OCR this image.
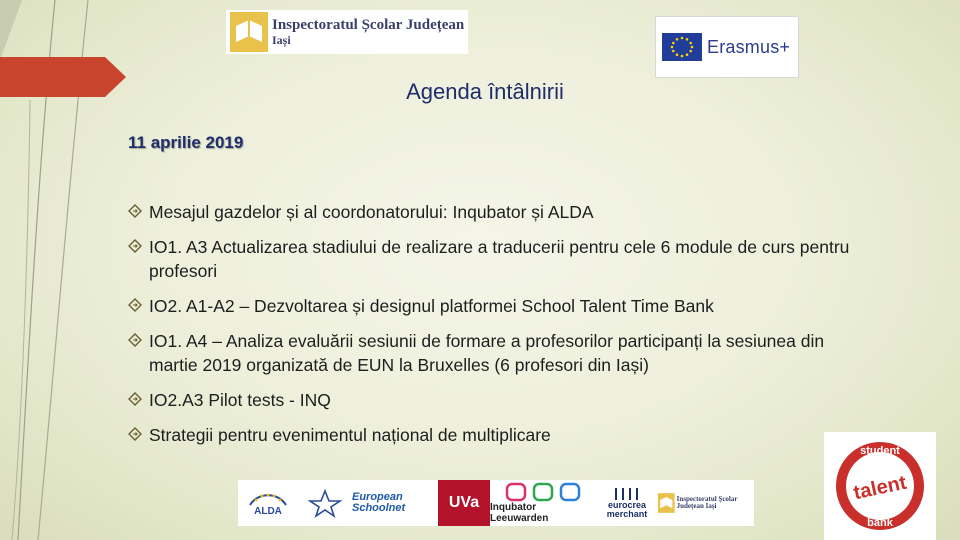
Inspectoratul Școlar Județean
Iași	Erasmus+
Agenda întâlnirii
11 aprilie 2019
Mesajul gazdelor și al coordonatorului: Inqubator și ALDA
IO1. A3 Actualizarea stadiului de realizare a traducerii pentru cele 6 module de curs pentru profesori
IO2. A1-A2 – Dezvoltarea și designul platformei School Talent Time Bank
IO1. A4 – Analiza evaluării sesiunii de formare a profesorilor participanți la sesiunea din martie 2019 organizată de EUN la Bruxelles (6 profesori din Iași)
IO2.A3 Pilot tests - INQ
Strategii pentru evenimentul național de multiplicare
ALDA
European Schoolnet	UVa Inqubator Leeuwarden
eurocrea merchant
Inspectoratul Școlar Județean Iași
student
talent
bank
